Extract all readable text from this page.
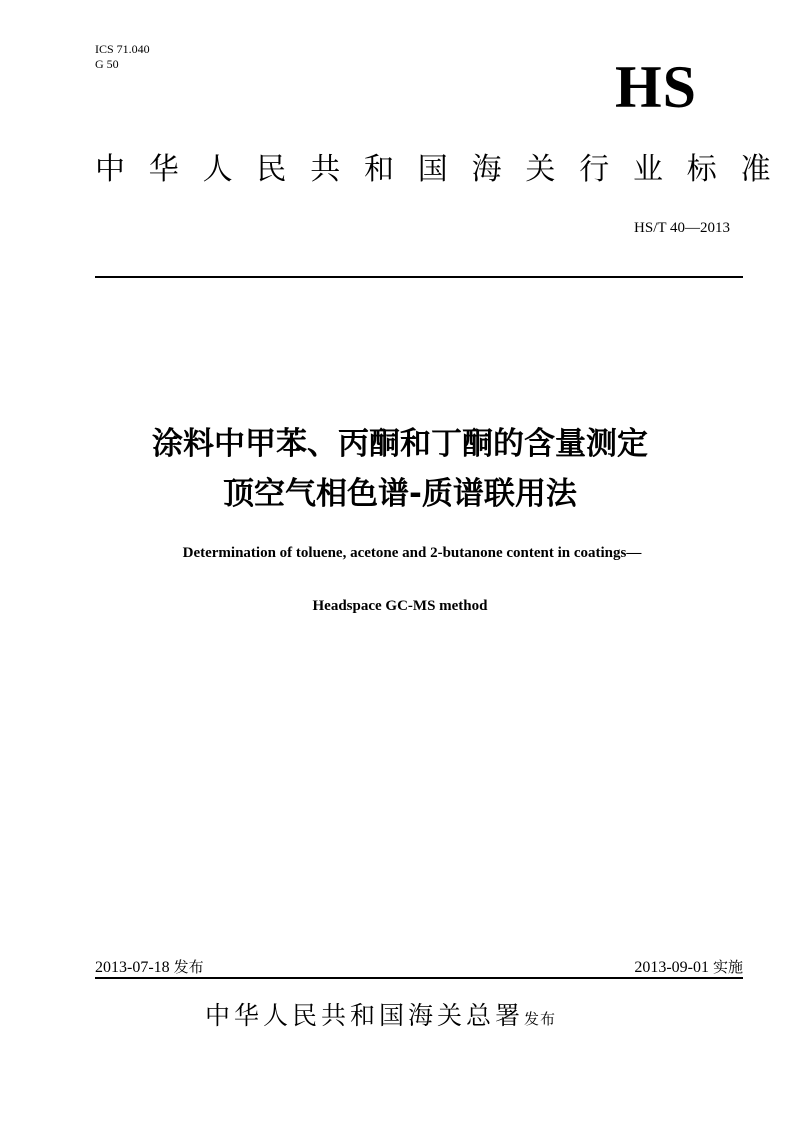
ICS 71.040
G 50	HS
中华人民共和国海关行业标准
HS/T 40—2013
涂料中甲苯、丙酮和丁酮的含量测定
顶空气相色谱-质谱联用法
Determination of toluene, acetone and 2-butanone content in coatings—
Headspace GC-MS method
2013-07-18 发布	2013-09-01 实施
中华人民共和国海关总署发布
